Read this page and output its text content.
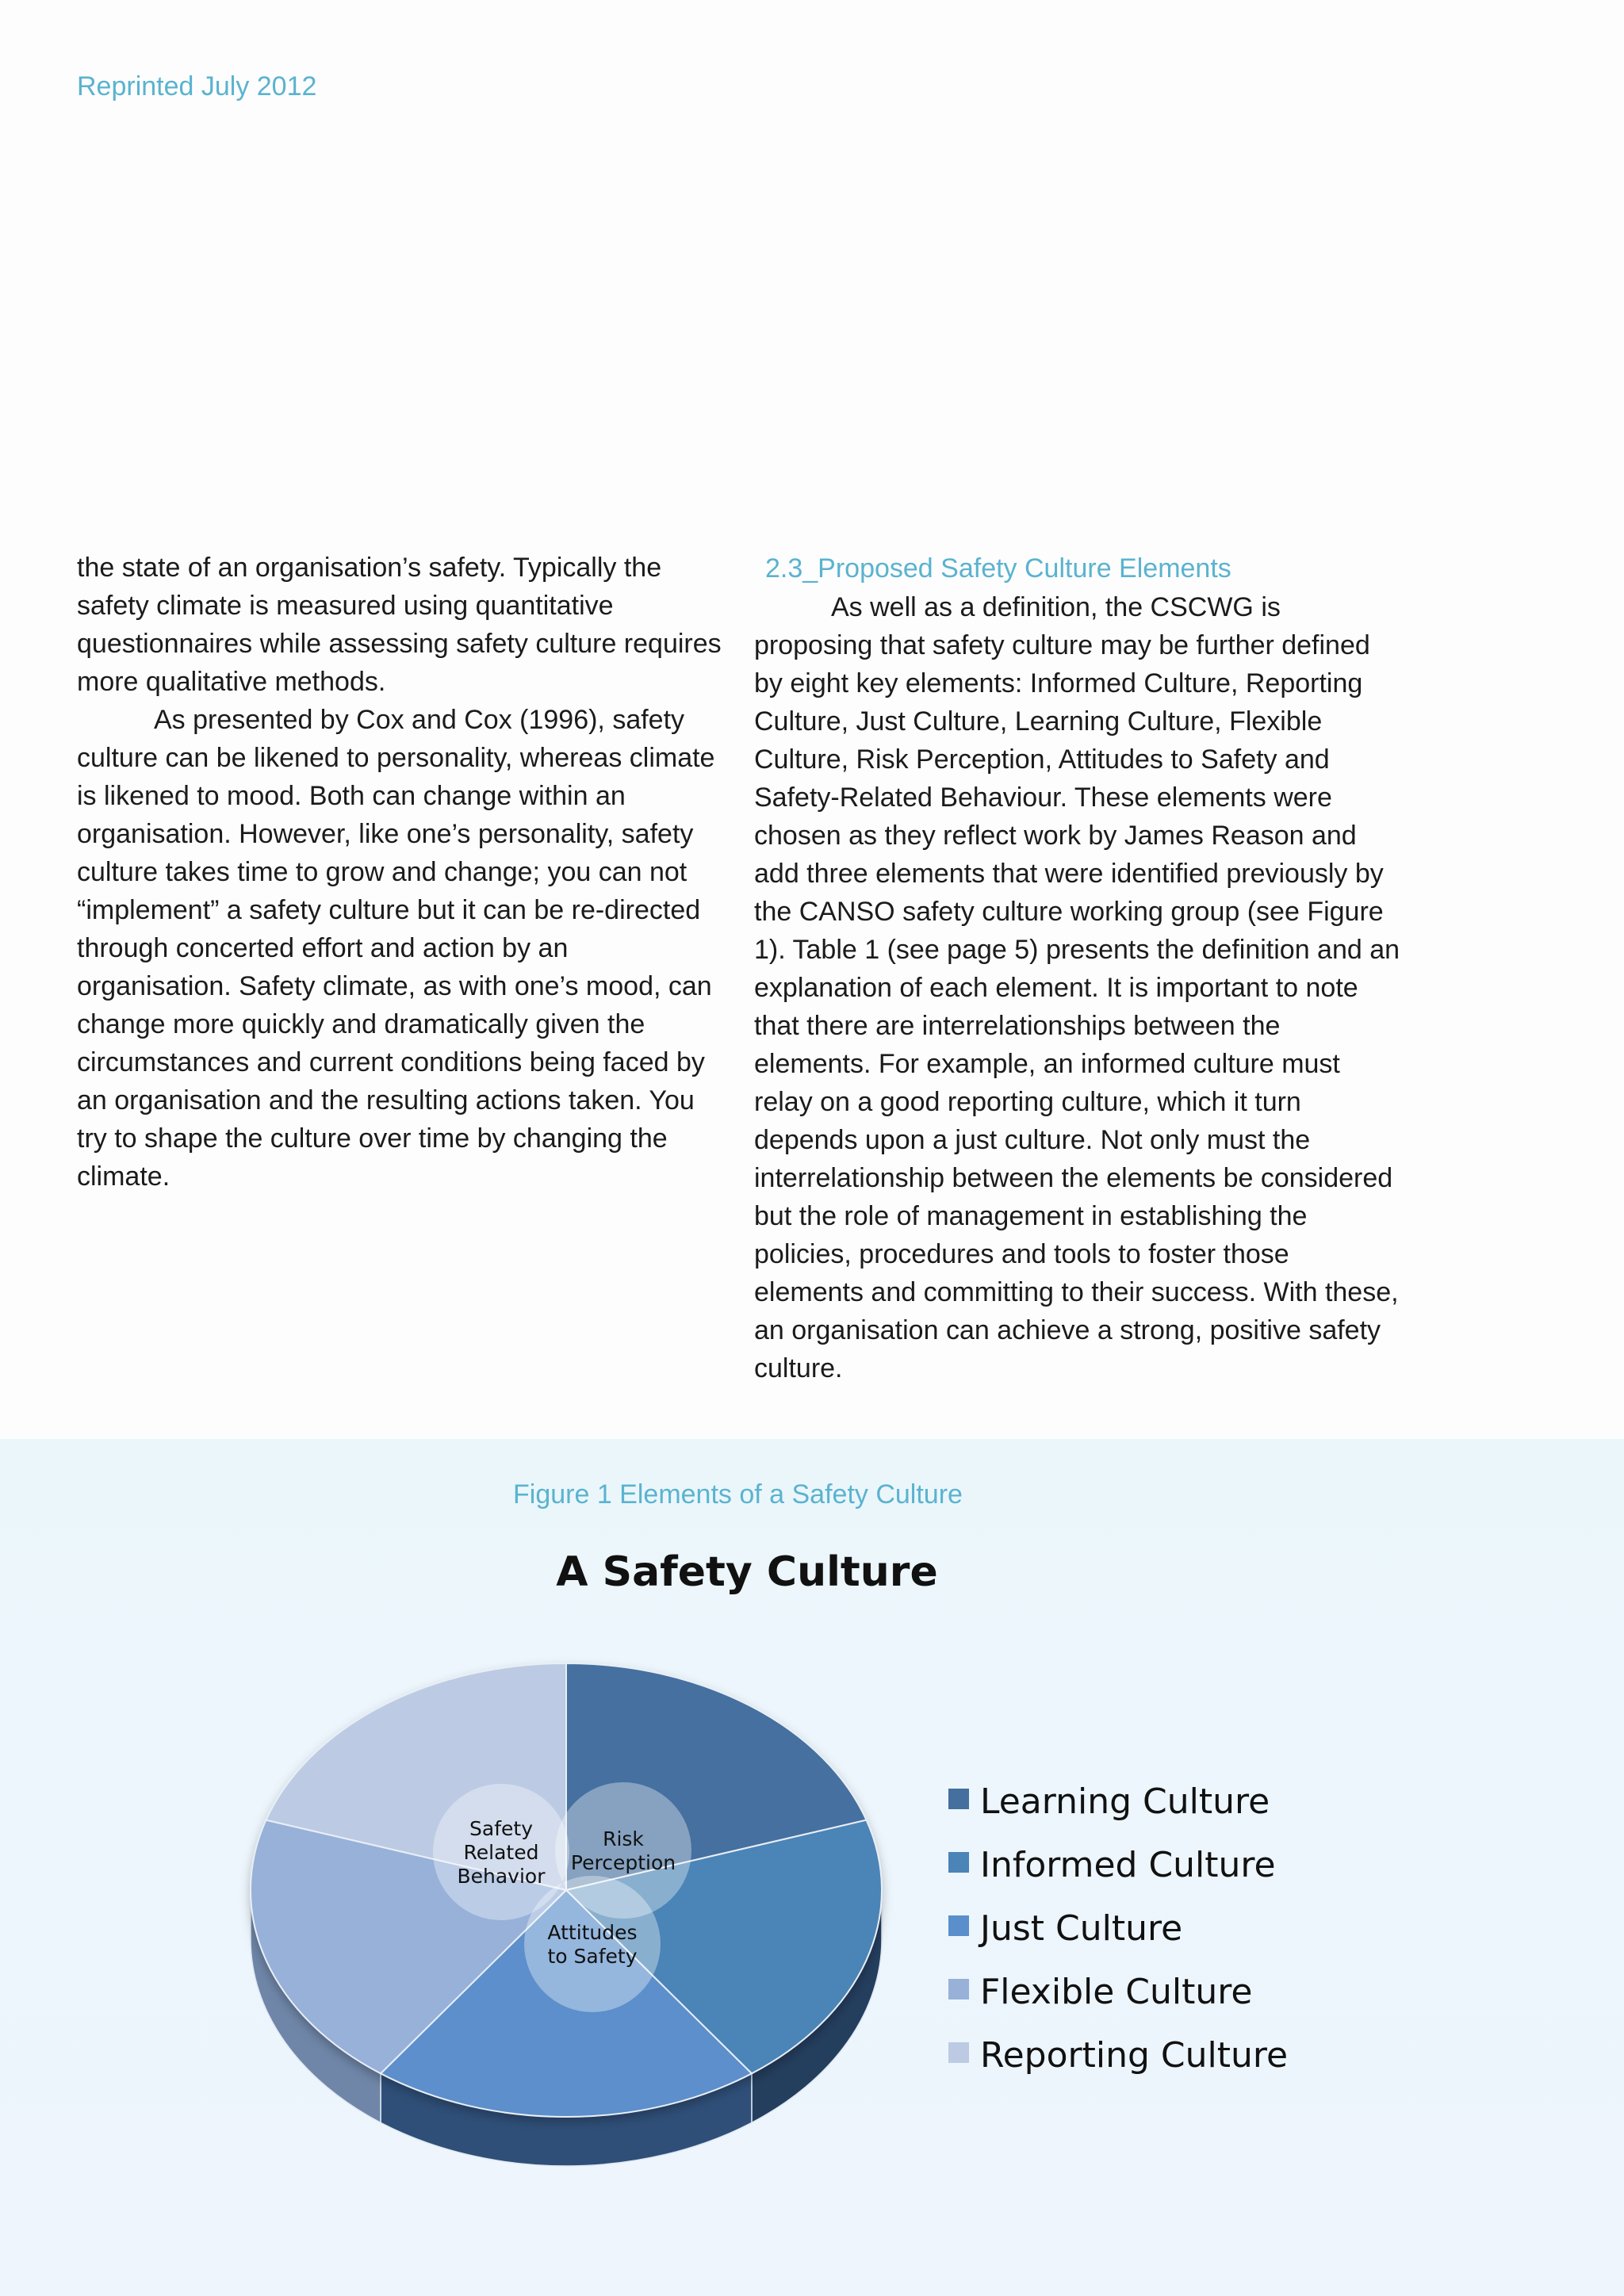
Reprinted July 2012

the state of an organisation’s safety. Typically the safety climate is measured using quantitative questionnaires while assessing safety culture requires more qualitative methods.

As presented by Cox and Cox (1996), safety culture can be likened to personality, whereas climate is likened to mood. Both can change within an organisation. However, like one’s personality, safety culture takes time to grow and change; you can not “implement” a safety culture but it can be re-directed through concerted effort and action by an organisation. Safety climate, as with one’s mood, can change more quickly and dramatically given the circumstances and current conditions being faced by an organisation and the resulting actions taken. You try to shape the culture over time by changing the climate.

2.3_Proposed Safety Culture Elements

As well as a definition, the CSCWG is proposing that safety culture may be further defined by eight key elements: Informed Culture, Reporting Culture, Just Culture, Learning Culture, Flexible Culture, Risk Perception, Attitudes to Safety and Safety-Related Behaviour. These elements were chosen as they reflect work by James Reason and add three elements that were identified previously by the CANSO safety culture working group (see Figure 1). Table 1 (see page 5) presents the definition and an explanation of each element. It is important to note that there are interrelationships between the elements. For example, an informed culture must relay on a good reporting culture, which it turn depends upon a just culture. Not only must the interrelationship between the elements be considered but the role of management in establishing the policies, procedures and tools to foster those elements and committing to their success. With these, an organisation can achieve a strong, positive safety culture.

Figure 1 Elements of a Safety Culture
A Safety Culture
Safety
Related
Behavior
Risk
Perception
Attitudes
to Safety
Learning Culture
Informed Culture
Just Culture
Flexible Culture
Reporting Culture
